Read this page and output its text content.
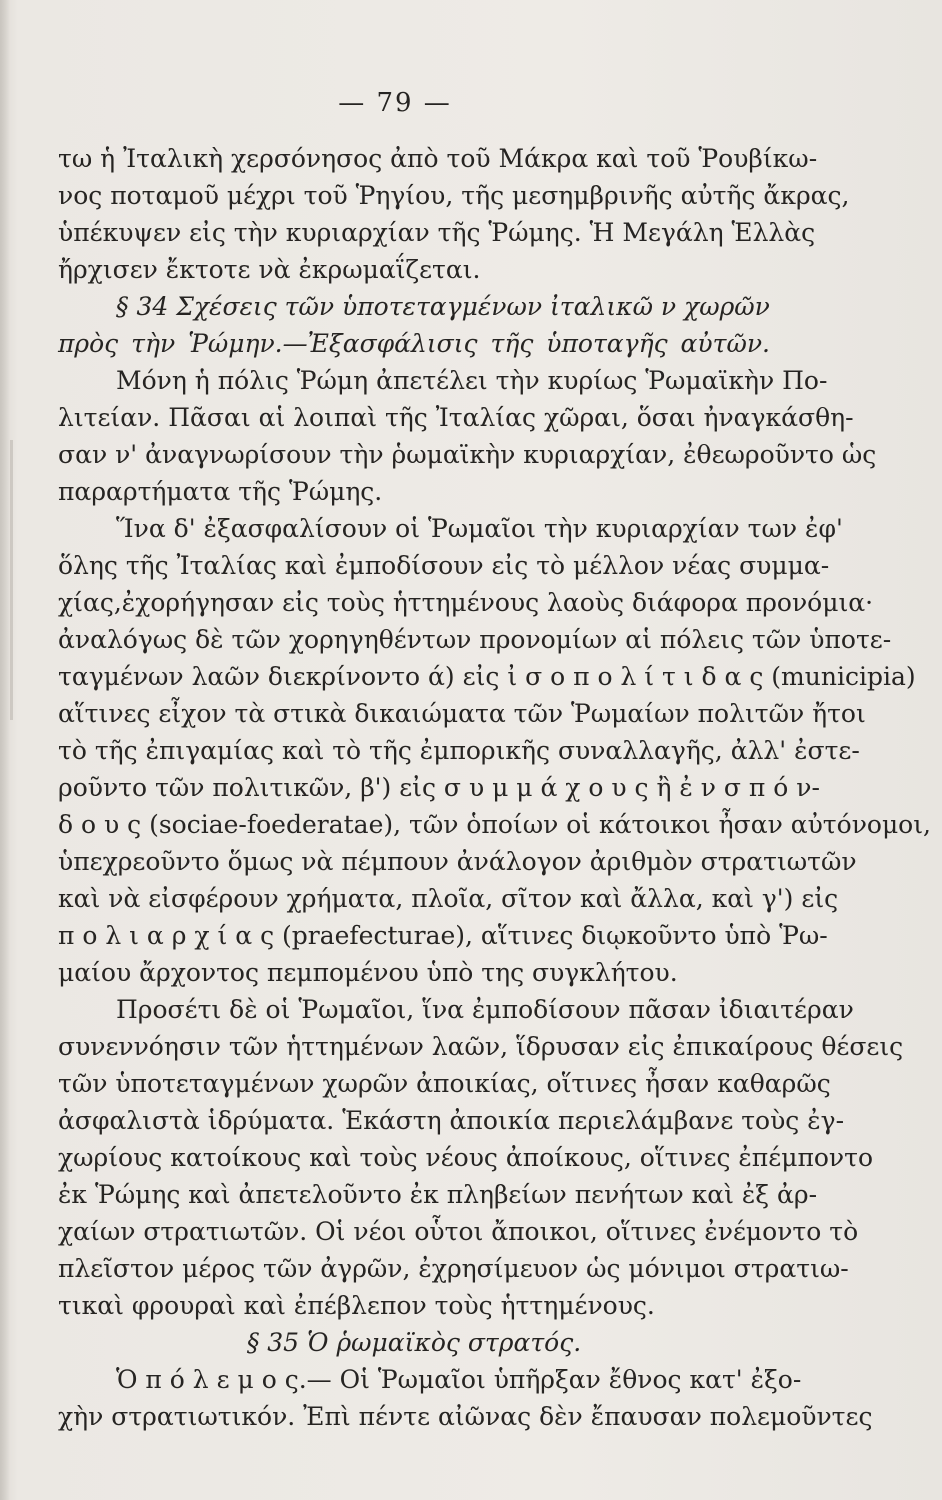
— 79 —
τω ἡ Ἰταλικὴ χερσόνησος ἀπὸ τοῦ Μάκρα καὶ τοῦ Ῥουβίκω-
νος ποταμοῦ μέχρι τοῦ Ῥηγίου, τῆς μεσημβρινῆς αὐτῆς ἄκρας,
ὑπέκυψεν εἰς τὴν κυριαρχίαν τῆς Ῥώμης. Ἡ Μεγάλη Ἑλλὰς
ἤρχισεν ἔκτοτε νὰ ἐκρωμαΐζεται.
§ 34 Σχέσεις τῶν ὑποτεταγμένων ἰταλικῶ ν χωρῶν
πρὸς τὴν Ῥώμην.—Ἐξασφάλισις τῆς ὑποταγῆς αὐτῶν.
Μόνη ἡ πόλις Ῥώμη ἀπετέλει τὴν κυρίως Ῥωμαϊκὴν Πο-
λιτείαν. Πᾶσαι αἱ λοιπαὶ τῆς Ἰταλίας χῶραι, ὅσαι ἠναγκάσθη-
σαν ν' ἀναγνωρίσουν τὴν ῥωμαϊκὴν κυριαρχίαν, ἐθεωροῦντο ὡς
παραρτήματα τῆς Ῥώμης.
Ἵνα δ' ἐξασφαλίσουν οἱ Ῥωμαῖοι τὴν κυριαρχίαν των ἐφ'
ὅλης τῆς Ἰταλίας καὶ ἐμποδίσουν εἰς τὸ μέλλον νέας συμμα-
χίας,ἐχορήγησαν εἰς τοὺς ἡττημένους λαοὺς διάφορα προνόμια·
ἀναλόγως δὲ τῶν χορηγηθέντων προνομίων αἱ πόλεις τῶν ὑποτε-
ταγμένων λαῶν διεκρίνοντο ά) εἰς ἰ σ ο π ο λ ί τ ι δ α ς (municipia)
αἵτινες εἶχον τὰ στικὰ δικαιώματα τῶν Ῥωμαίων πολιτῶν ἤτοι
τὸ τῆς ἐπιγαμίας καὶ τὸ τῆς ἐμπορικῆς συναλλαγῆς, ἀλλ' ἐστε-
ροῦντο τῶν πολιτικῶν, β') εἰς σ υ μ μ ά χ ο υ ς ἢ ἐ ν σ π ό ν-
δ ο υ ς (sociae-foederatae), τῶν ὁποίων οἱ κάτοικοι ἦσαν αὐτόνομοι,
ὑπεχρεοῦντο ὅμως νὰ πέμπουν ἀνάλογον ἀριθμὸν στρατιωτῶν
καὶ νὰ εἰσφέρουν χρήματα, πλοῖα, σῖτον καὶ ἄλλα, καὶ γ') εἰς
π ο λ ι α ρ χ ί α ς (praefecturae), αἵτινες διῳκοῦντο ὑπὸ Ῥω-
μαίου ἄρχοντος πεμπομένου ὑπὸ της συγκλήτου.
Προσέτι δὲ οἱ Ῥωμαῖοι, ἵνα ἐμποδίσουν πᾶσαν ἰδιαιτέραν
συνεννόησιν τῶν ἡττημένων λαῶν, ἵδρυσαν εἰς ἐπικαίρους θέσεις
τῶν ὑποτεταγμένων χωρῶν ἀποικίας, οἵτινες ἦσαν καθαρῶς
ἀσφαλιστὰ ἱδρύματα. Ἑκάστη ἀποικία περιελάμβανε τοὺς ἐγ-
χωρίους κατοίκους καὶ τοὺς νέους ἀποίκους, οἵτινες ἐπέμποντο
ἐκ Ῥώμης καὶ ἀπετελοῦντο ἐκ πληβείων πενήτων καὶ ἐξ ἀρ-
χαίων στρατιωτῶν. Οἱ νέοι οὗτοι ἄποικοι, οἵτινες ἐνέμοντο τὸ
πλεῖστον μέρος τῶν ἀγρῶν, ἐχρησίμευον ὡς μόνιμοι στρατιω-
τικαὶ φρουραὶ καὶ ἐπέβλεπον τοὺς ἡττημένους.
§ 35 Ὁ ῥωμαϊκὸς στρατός.
Ὁ π ό λ ε μ ο ς.— Οἱ Ῥωμαῖοι ὑπῆρξαν ἔθνος κατ' ἐξο-
χὴν στρατιωτικόν. Ἐπὶ πέντε αἰῶνας δὲν ἔπαυσαν πολεμοῦντες
